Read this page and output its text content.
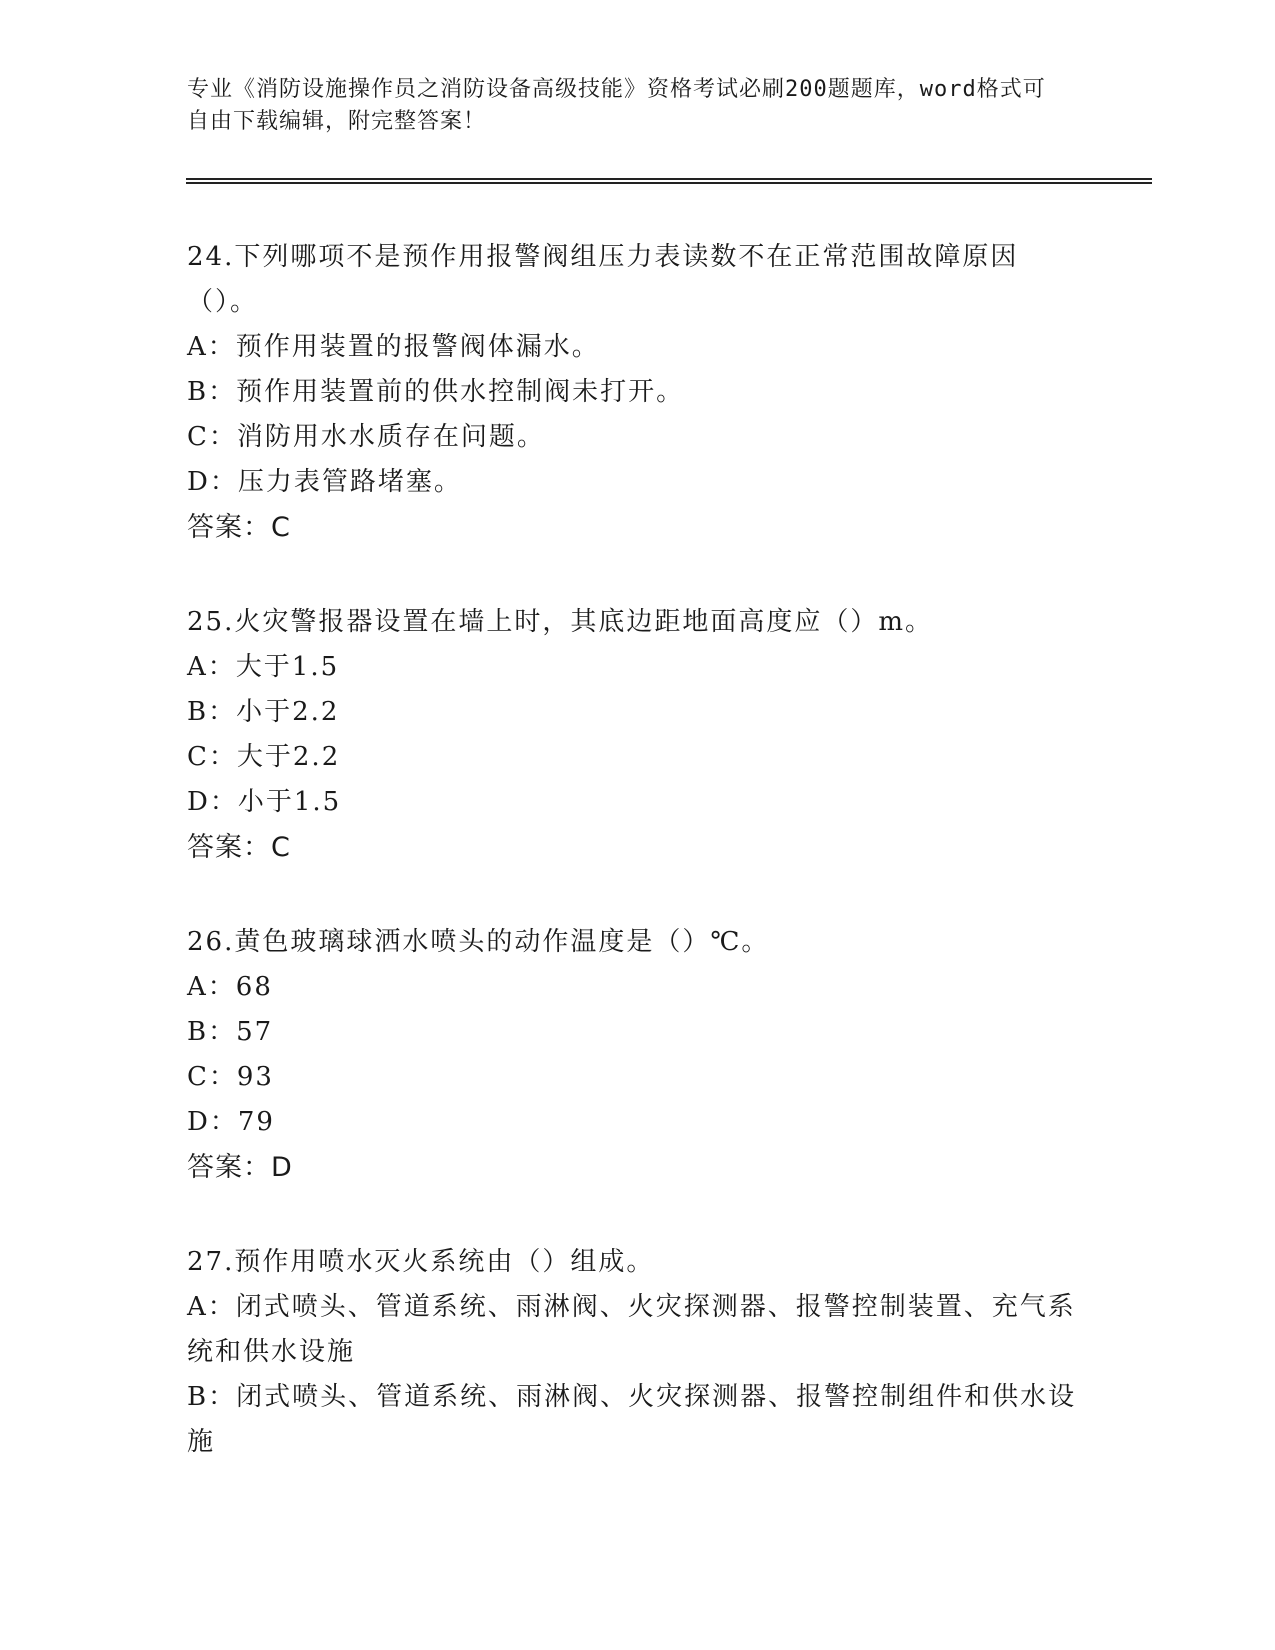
专业《消防设施操作员之消防设备高级技能》资格考试必刷200题题库，word格式可自由下载编辑，附完整答案！

24.下列哪项不是预作用报警阀组压力表读数不在正常范围故障原因（）。

A：预作用装置的报警阀体漏水。

B：预作用装置前的供水控制阀未打开。

C：消防用水水质存在问题。

D：压力表管路堵塞。

答案：C

25.火灾警报器设置在墙上时，其底边距地面高度应（）m。

A：大于1.5

B：小于2.2

C：大于2.2

D：小于1.5

答案：C

26.黄色玻璃球洒水喷头的动作温度是（）℃。

A：68

B：57

C：93

D：79

答案：D

27.预作用喷水灭火系统由（）组成。

A：闭式喷头、管道系统、雨淋阀、火灾探测器、报警控制装置、充气系统和供水设施

B：闭式喷头、管道系统、雨淋阀、火灾探测器、报警控制组件和供水设施
